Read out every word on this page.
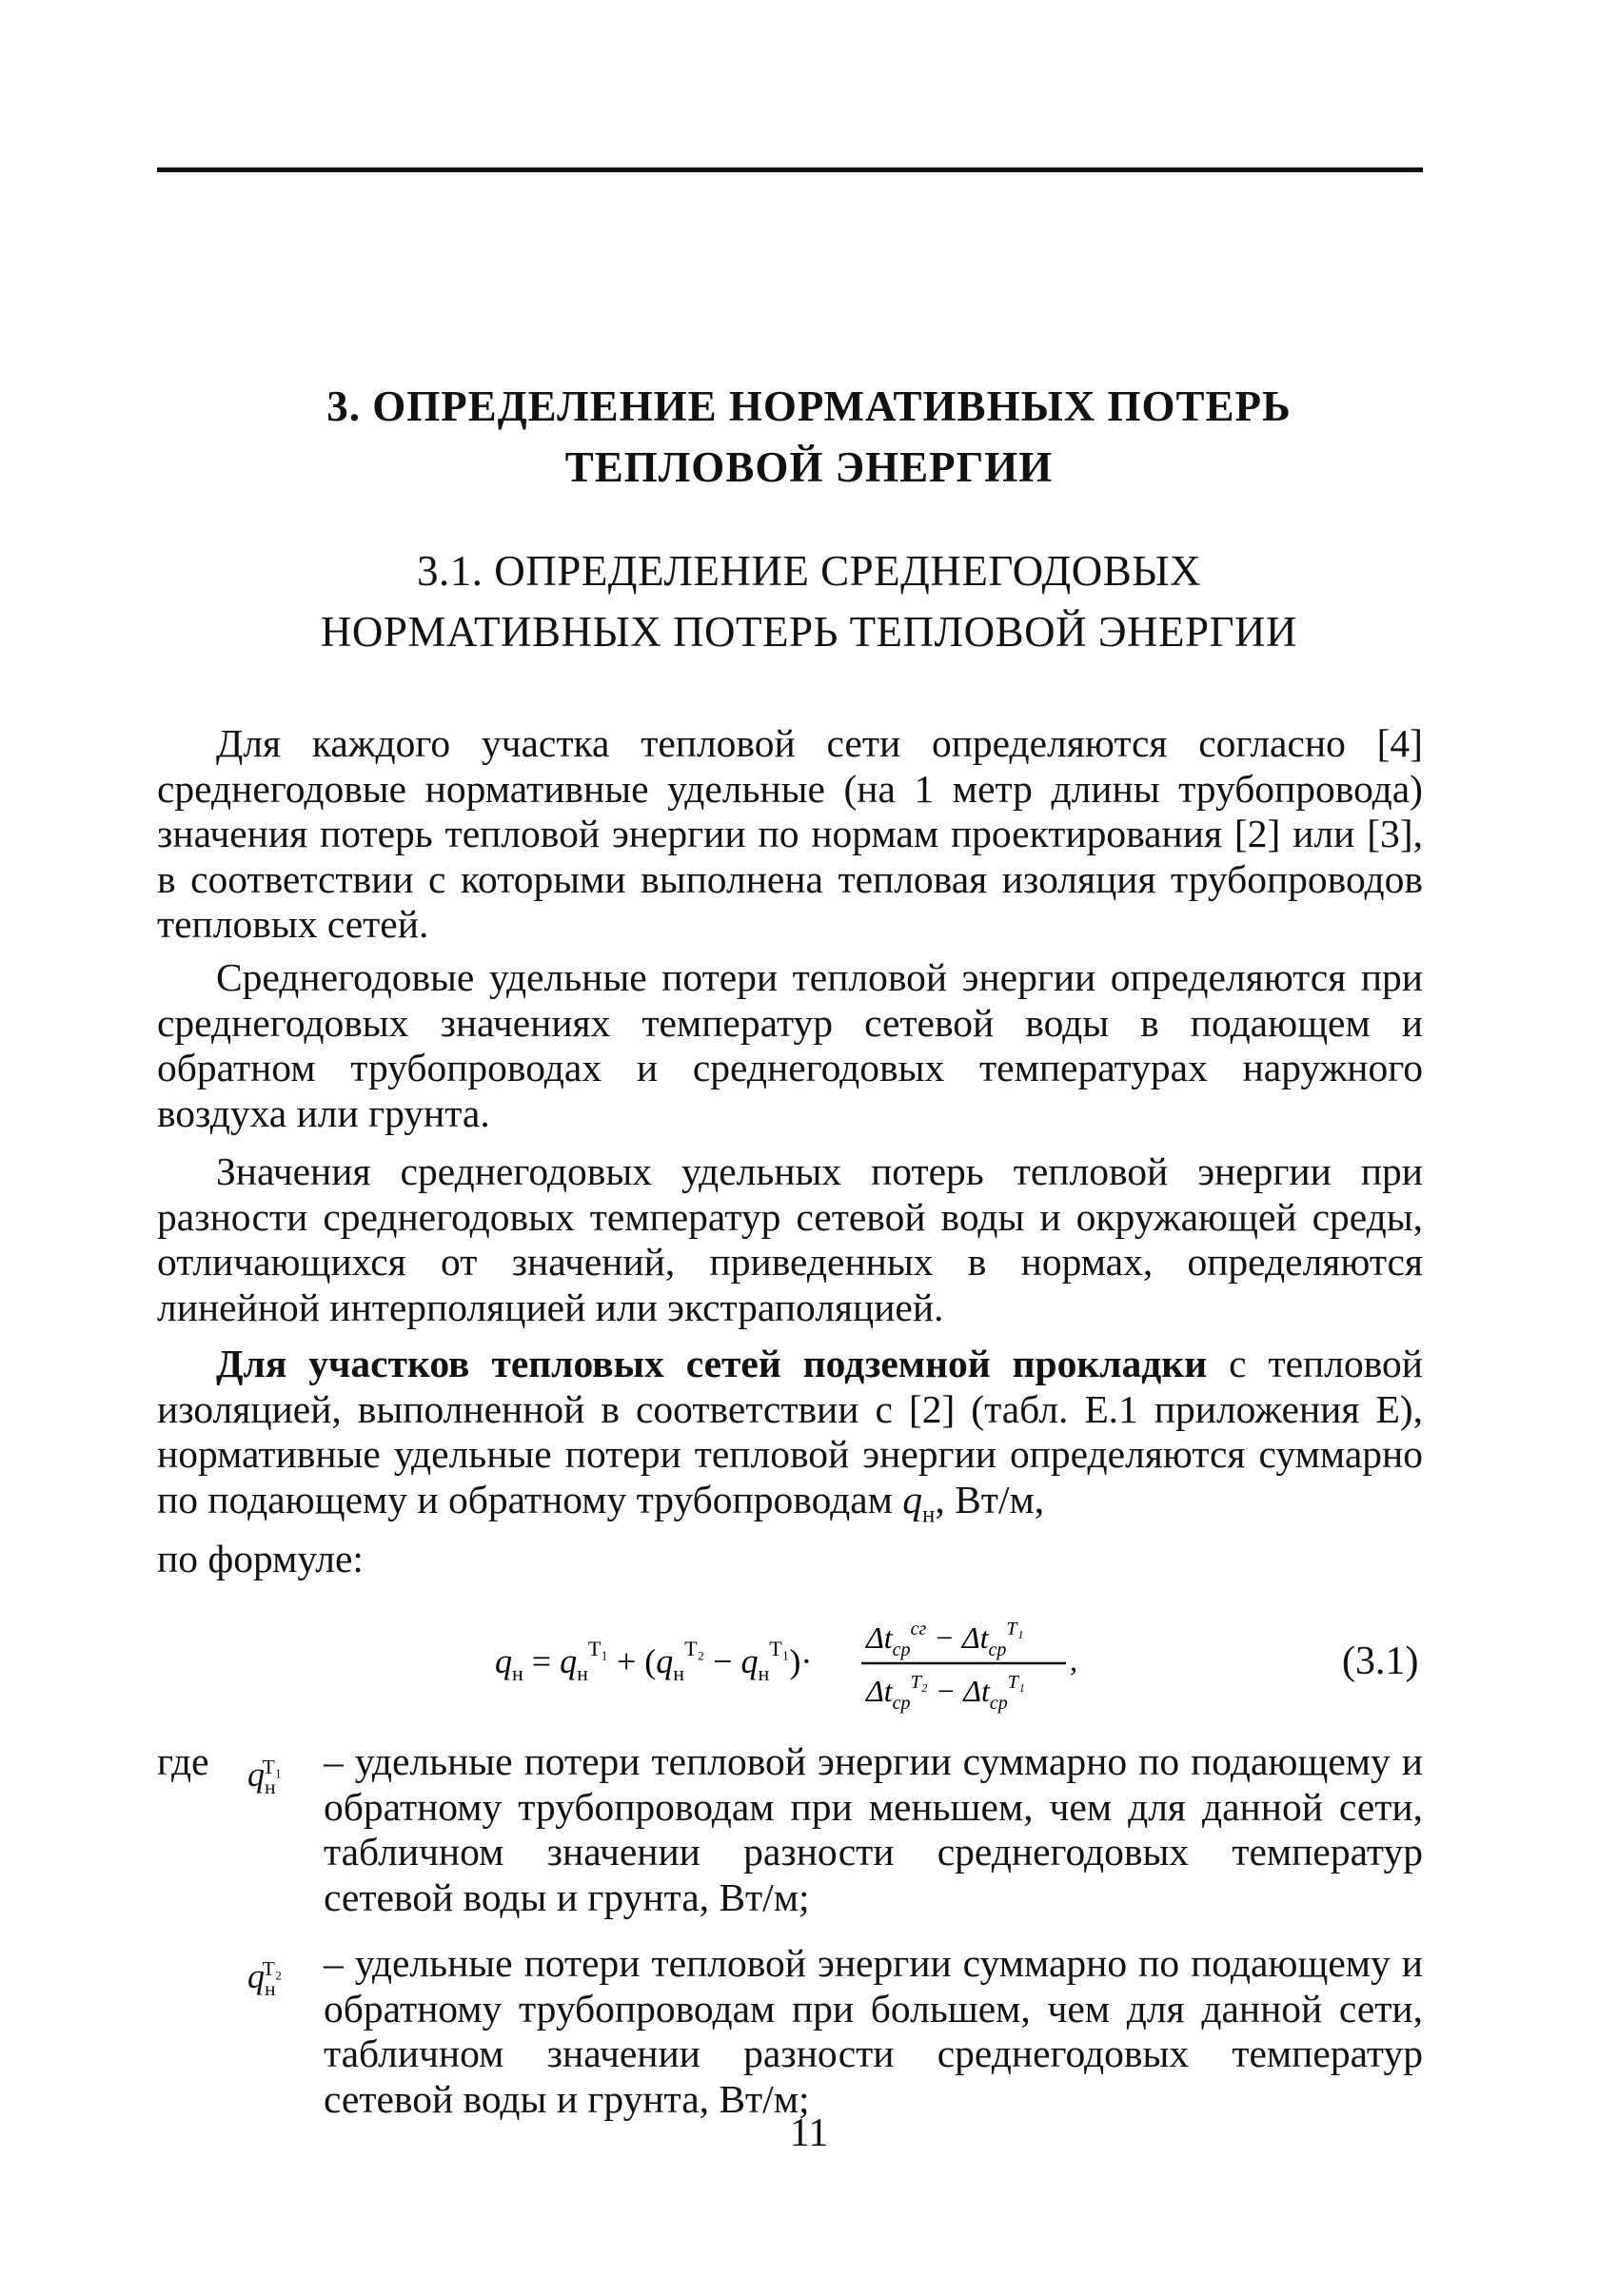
3. ОПРЕДЕЛЕНИЕ НОРМАТИВНЫХ ПОТЕРЬ
ТЕПЛОВОЙ ЭНЕРГИИ
3.1. ОПРЕДЕЛЕНИЕ СРЕДНЕГОДОВЫХ
НОРМАТИВНЫХ ПОТЕРЬ ТЕПЛОВОЙ ЭНЕРГИИ

Для каждого участка тепловой сети определяются согласно [4] среднегодовые нормативные удельные (на 1 метр длины трубопровода) значения потерь тепловой энергии по нормам проектирования [2] или [3], в соответствии с которыми выполнена тепловая изоляция трубопроводов тепловых сетей.

Среднегодовые удельные потери тепловой энергии определяются при среднегодовых значениях температур сетевой воды в подающем и обратном трубопроводах и среднегодовых температурах наружного воздуха или грунта.

Значения среднегодовых удельных потерь тепловой энергии при разности среднегодовых температур сетевой воды и окружающей среды, отличающихся от значений, приведенных в нормах, определяются линейной интерполяцией или экстраполяцией.

Для участков тепловых сетей подземной прокладки с тепловой изоляцией, выполненной в соответствии с [2] (табл. Е.1 приложения Е), нормативные удельные потери тепловой энергии определяются суммарно по подающему и обратному трубопроводам $q_н$, Вт/м,

по формуле:

$q_н = q_н^{T_1} + (q_н^{T_2} - q_н^{T_1})\cdot$
$\Delta t_{ср}^{сг} - \Delta t_{ср}^{T_1}$
$\Delta t_{ср}^{T_2} - \Delta t_{ср}^{T_1}$
,	(3.1)
где	$q_н^{T_1}$	– удельные потери тепловой энергии суммарно по подающему и обратному трубопроводам при меньшем, чем для данной сети, табличном значении разности среднегодовых температур сетевой воды и грунта, Вт/м;
$q_н^{T_2}$	– удельные потери тепловой энергии суммарно по подающему и обратному трубопроводам при большем, чем для данной сети, табличном значении разности среднегодовых температур сетевой воды и грунта, Вт/м;
11
